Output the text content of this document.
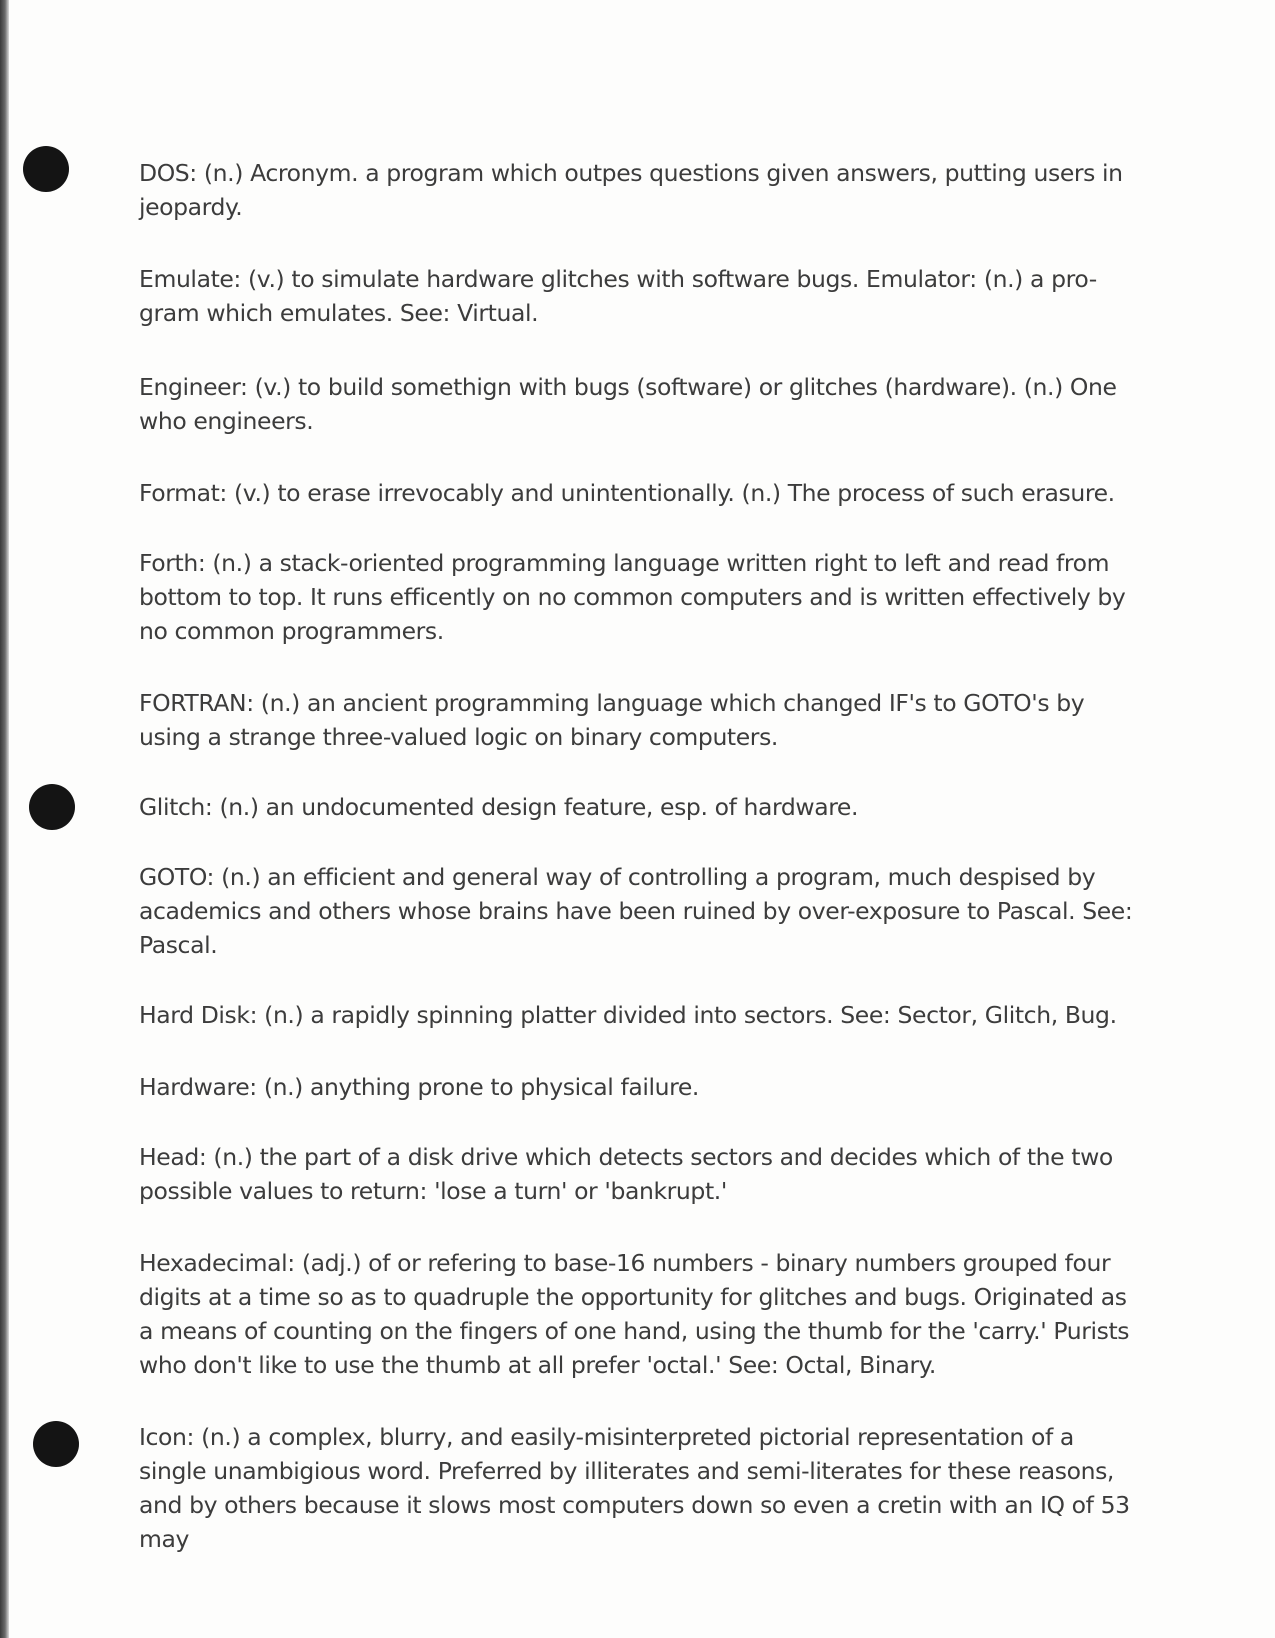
DOS: (n.) Acronym. a program which outpes questions given answers, putting users in jeopardy.

Emulate: (v.) to simulate hardware glitches with software bugs. Emulator: (n.) a pro-gram which emulates. See: Virtual.

Engineer: (v.) to build somethign with bugs (software) or glitches (hardware). (n.) One who engineers.

Format: (v.) to erase irrevocably and unintentionally. (n.) The process of such erasure.

Forth: (n.) a stack-oriented programming language written right to left and read from bottom to top. It runs efficently on no common computers and is written effectively by no common programmers.

FORTRAN: (n.) an ancient programming language which changed IF's to GOTO's by using a strange three-valued logic on binary computers.

Glitch: (n.) an undocumented design feature, esp. of hardware.

GOTO: (n.) an efficient and general way of controlling a program, much despised by academics and others whose brains have been ruined by over-exposure to Pascal. See: Pascal.

Hard Disk: (n.) a rapidly spinning platter divided into sectors. See: Sector, Glitch, Bug.

Hardware: (n.) anything prone to physical failure.

Head: (n.) the part of a disk drive which detects sectors and decides which of the two possible values to return: 'lose a turn' or 'bankrupt.'

Hexadecimal: (adj.) of or refering to base-16 numbers - binary numbers grouped four digits at a time so as to quadruple the opportunity for glitches and bugs. Originated as a means of counting on the fingers of one hand, using the thumb for the 'carry.' Purists who don't like to use the thumb at all prefer 'octal.' See: Octal, Binary.

Icon: (n.) a complex, blurry, and easily-misinterpreted pictorial representation of a single unambigious word. Preferred by illiterates and semi-literates for these reasons, and by others because it slows most computers down so even a cretin with an IQ of 53 may
